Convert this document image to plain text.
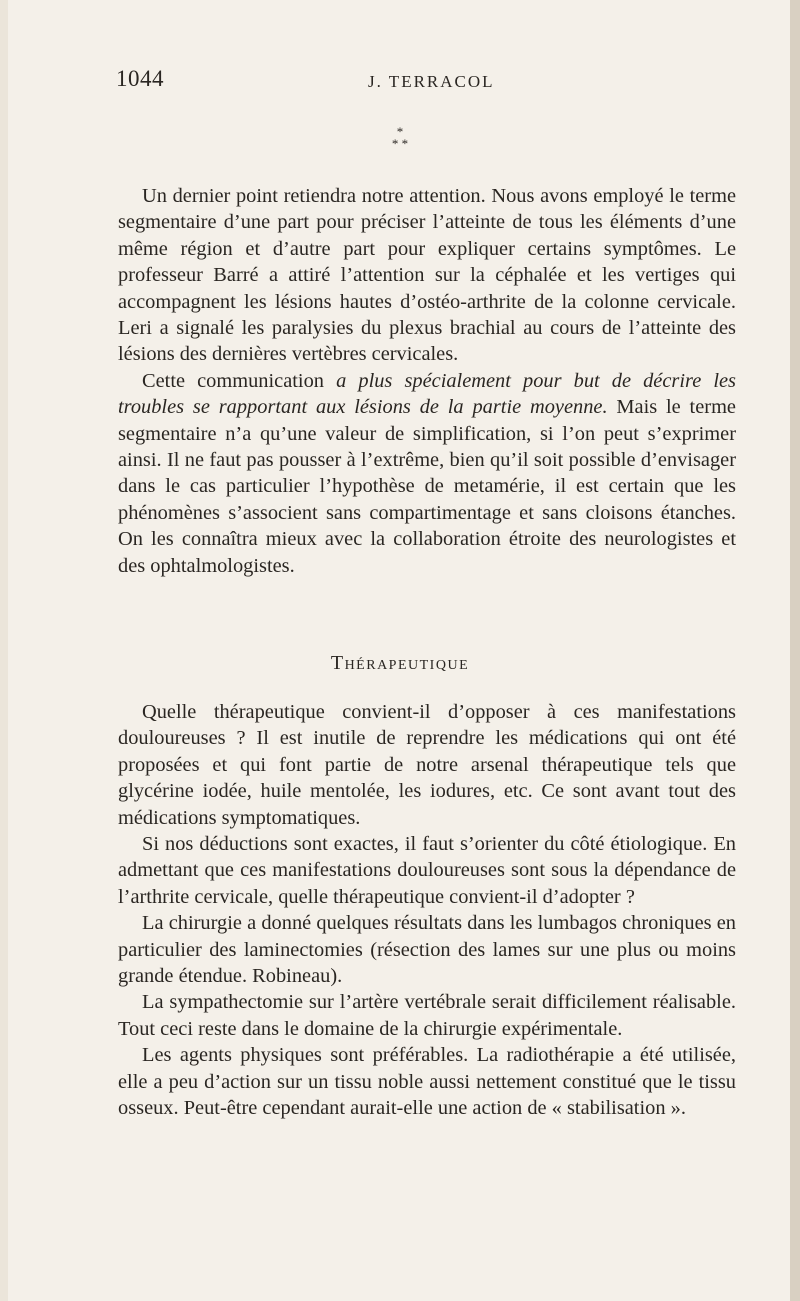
1044	J. TERRACOL
*
* *

Un dernier point retiendra notre attention. Nous avons employé le terme segmentaire d’une part pour préciser l’atteinte de tous les éléments d’une même région et d’autre part pour expliquer certains symptômes. Le professeur Barré a attiré l’attention sur la céphalée et les vertiges qui accompagnent les lésions hautes d’ostéo-arthrite de la colonne cervicale. Leri a signalé les paralysies du plexus brachial au cours de l’atteinte des lésions des dernières vertèbres cervicales.

Cette communication a plus spécialement pour but de décrire les troubles se rapportant aux lésions de la partie moyenne. Mais le terme segmentaire n’a qu’une valeur de simplification, si l’on peut s’exprimer ainsi. Il ne faut pas pousser à l’extrême, bien qu’il soit possible d’envisager dans le cas particulier l’hypothèse de metamérie, il est certain que les phénomènes s’associent sans compartimentage et sans cloisons étanches. On les connaîtra mieux avec la collaboration étroite des neurologistes et des ophtalmologistes.

Thérapeutique

Quelle thérapeutique convient-il d’opposer à ces manifestations douloureuses ? Il est inutile de reprendre les médications qui ont été proposées et qui font partie de notre arsenal thérapeutique tels que glycérine iodée, huile mentolée, les iodures, etc. Ce sont avant tout des médications symptomatiques.

Si nos déductions sont exactes, il faut s’orienter du côté étiologique. En admettant que ces manifestations douloureuses sont sous la dépendance de l’arthrite cervicale, quelle thérapeutique convient-il d’adopter ?

La chirurgie a donné quelques résultats dans les lumbagos chroniques en particulier des laminectomies (résection des lames sur une plus ou moins grande étendue. Robineau).

La sympathectomie sur l’artère vertébrale serait difficilement réalisable. Tout ceci reste dans le domaine de la chirurgie expérimentale.

Les agents physiques sont préférables. La radiothérapie a été utilisée, elle a peu d’action sur un tissu noble aussi nettement constitué que le tissu osseux. Peut-être cependant aurait-elle une action de « stabilisation ».
